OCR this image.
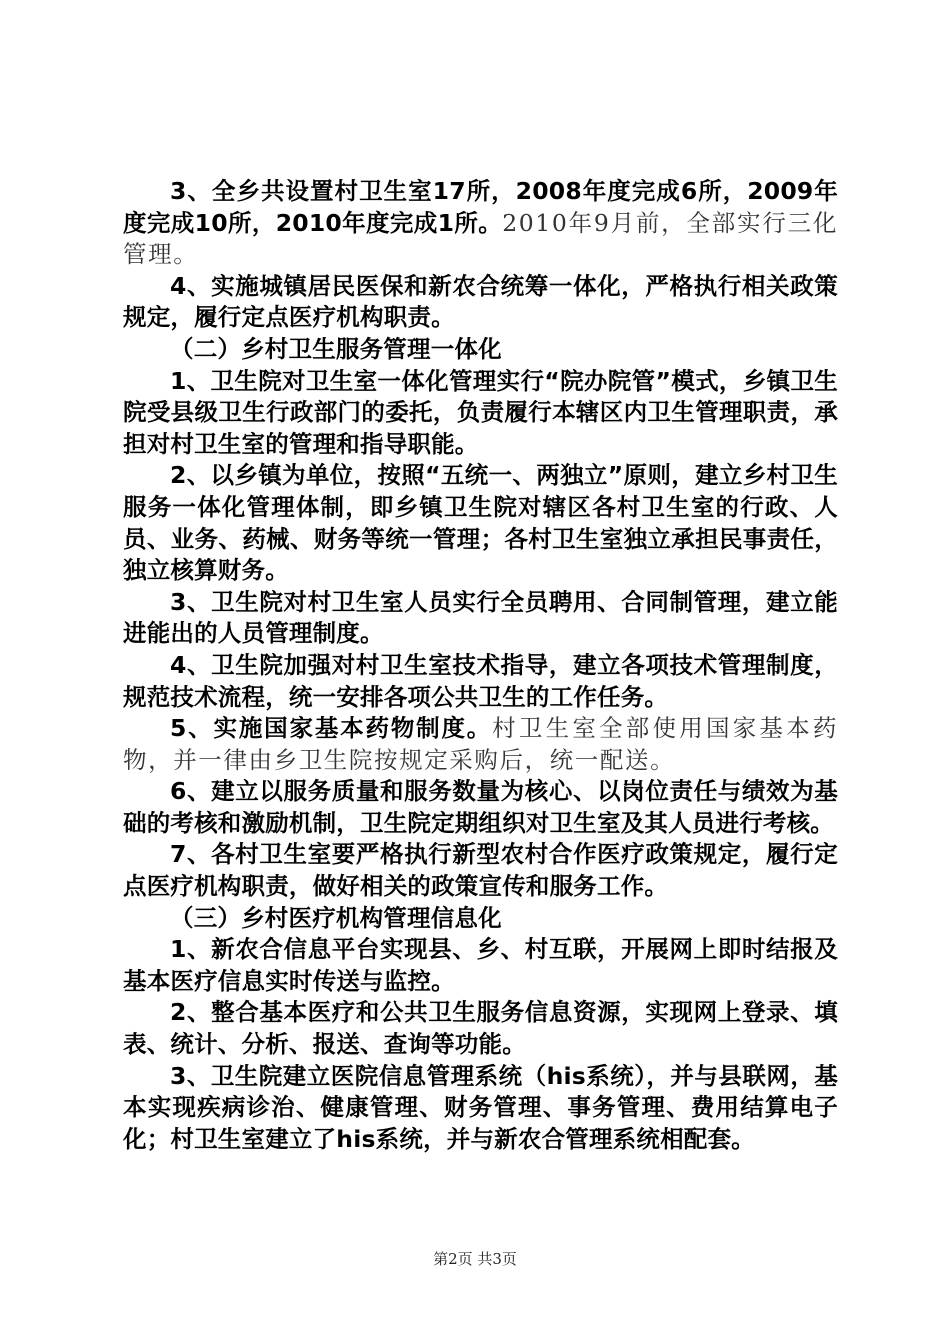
3、全乡共设置村卫生室17所，2008年度完成6所，2009年度完成10所，2010年度完成1所。2010年9月前，全部实行三化管理。

4、实施城镇居民医保和新农合统筹一体化，严格执行相关政策规定，履行定点医疗机构职责。

（二）乡村卫生服务管理一体化

1、卫生院对卫生室一体化管理实行“院办院管”模式，乡镇卫生院受县级卫生行政部门的委托，负责履行本辖区内卫生管理职责，承担对村卫生室的管理和指导职能。

2、以乡镇为单位，按照“五统一、两独立”原则，建立乡村卫生服务一体化管理体制，即乡镇卫生院对辖区各村卫生室的行政、人员、业务、药械、财务等统一管理；各村卫生室独立承担民事责任，独立核算财务。

3、卫生院对村卫生室人员实行全员聘用、合同制管理，建立能进能出的人员管理制度。

4、卫生院加强对村卫生室技术指导，建立各项技术管理制度，规范技术流程，统一安排各项公共卫生的工作任务。

5、实施国家基本药物制度。村卫生室全部使用国家基本药物，并一律由乡卫生院按规定采购后，统一配送。

6、建立以服务质量和服务数量为核心、以岗位责任与绩效为基础的考核和激励机制，卫生院定期组织对卫生室及其人员进行考核。

7、各村卫生室要严格执行新型农村合作医疗政策规定，履行定点医疗机构职责，做好相关的政策宣传和服务工作。

（三）乡村医疗机构管理信息化

1、新农合信息平台实现县、乡、村互联，开展网上即时结报及基本医疗信息实时传送与监控。

2、整合基本医疗和公共卫生服务信息资源，实现网上登录、填表、统计、分析、报送、查询等功能。

3、卫生院建立医院信息管理系统（his系统），并与县联网，基本实现疾病诊治、健康管理、财务管理、事务管理、费用结算电子化；村卫生室建立了his系统，并与新农合管理系统相配套。

第2页 共3页
